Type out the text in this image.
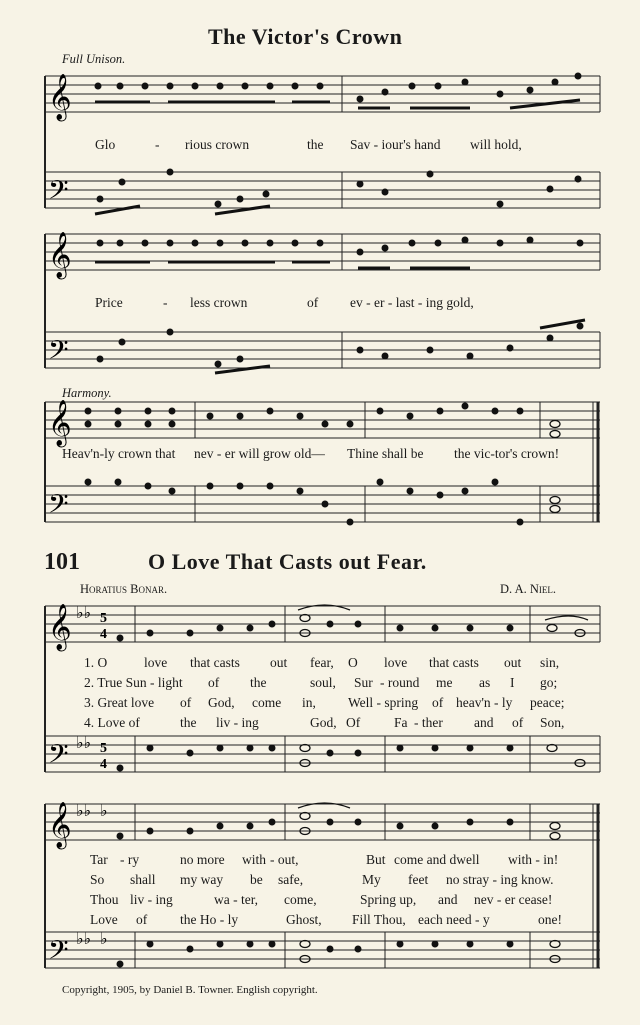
The Victor's Crown
Full Unison.
𝄞
𝄢
Glo	- rious crown	the Sav - iour's hand will hold,
𝄞
𝄢
Price	- less crown	of ev - er - last - ing gold,
Harmony.
𝄞
𝄢
Heav'n-ly crown that nev - er will grow old— Thine shall be the vic-tor's crown!
101	O Love That Casts out Fear.
Horatius Bonar.	D. A. Niel.
𝄞
𝄢
♭♭ 5
4
♭♭ 5
4
1. O	love that casts out fear, O love that casts out sin,
2. True Sun - light of the	soul, Sur - round me as I go;
3. Great love of God, come in, Well - spring of heav'n - ly peace;
4. Love of	the liv - ing	God, Of	Fa - ther and of Son,
𝄞
𝄢
♭♭ ♭
♭♭ ♭
Tar - ry	no more with - out,	But come and dwell with - in!
So shall my way be safe,	My feet no stray - ing know.
Thou liv - ing	wa - ter, come,	Spring up, and nev - er cease!
Love of the Ho - ly	Ghost, Fill Thou, each need - y	one!
Copyright, 1905, by Daniel B. Towner. English copyright.
